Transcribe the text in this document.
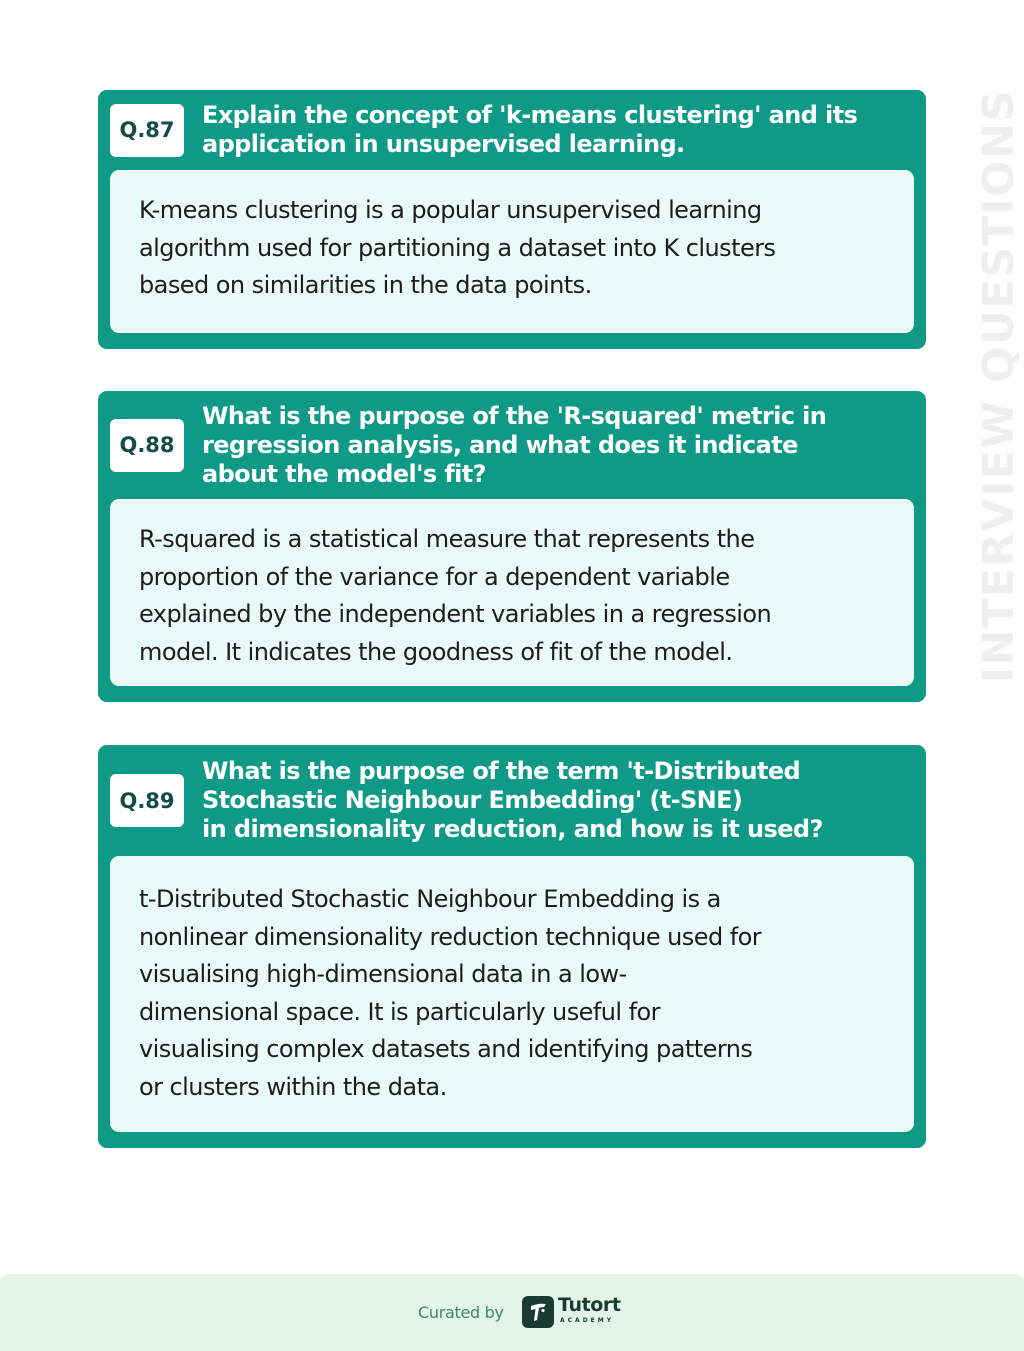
INTERVIEW QUESTIONS
Q.87
Explain the concept of 'k-means clustering' and its
application in unsupervised learning.
K-means clustering is a popular unsupervised learning
algorithm used for partitioning a dataset into K clusters
based on similarities in the data points.
Q.88
What is the purpose of the 'R-squared' metric in
regression analysis, and what does it indicate
about the model's fit?
R-squared is a statistical measure that represents the
proportion of the variance for a dependent variable
explained by the independent variables in a regression
model. It indicates the goodness of fit of the model.
Q.89
What is the purpose of the term 't-Distributed
Stochastic Neighbour Embedding' (t-SNE)
in dimensionality reduction, and how is it used?
t-Distributed Stochastic Neighbour Embedding is a
nonlinear dimensionality reduction technique used for
visualising high-dimensional data in a low-
dimensional space. It is particularly useful for
visualising complex datasets and identifying patterns
or clusters within the data.
Curated by	Tutort
ACADEMY
